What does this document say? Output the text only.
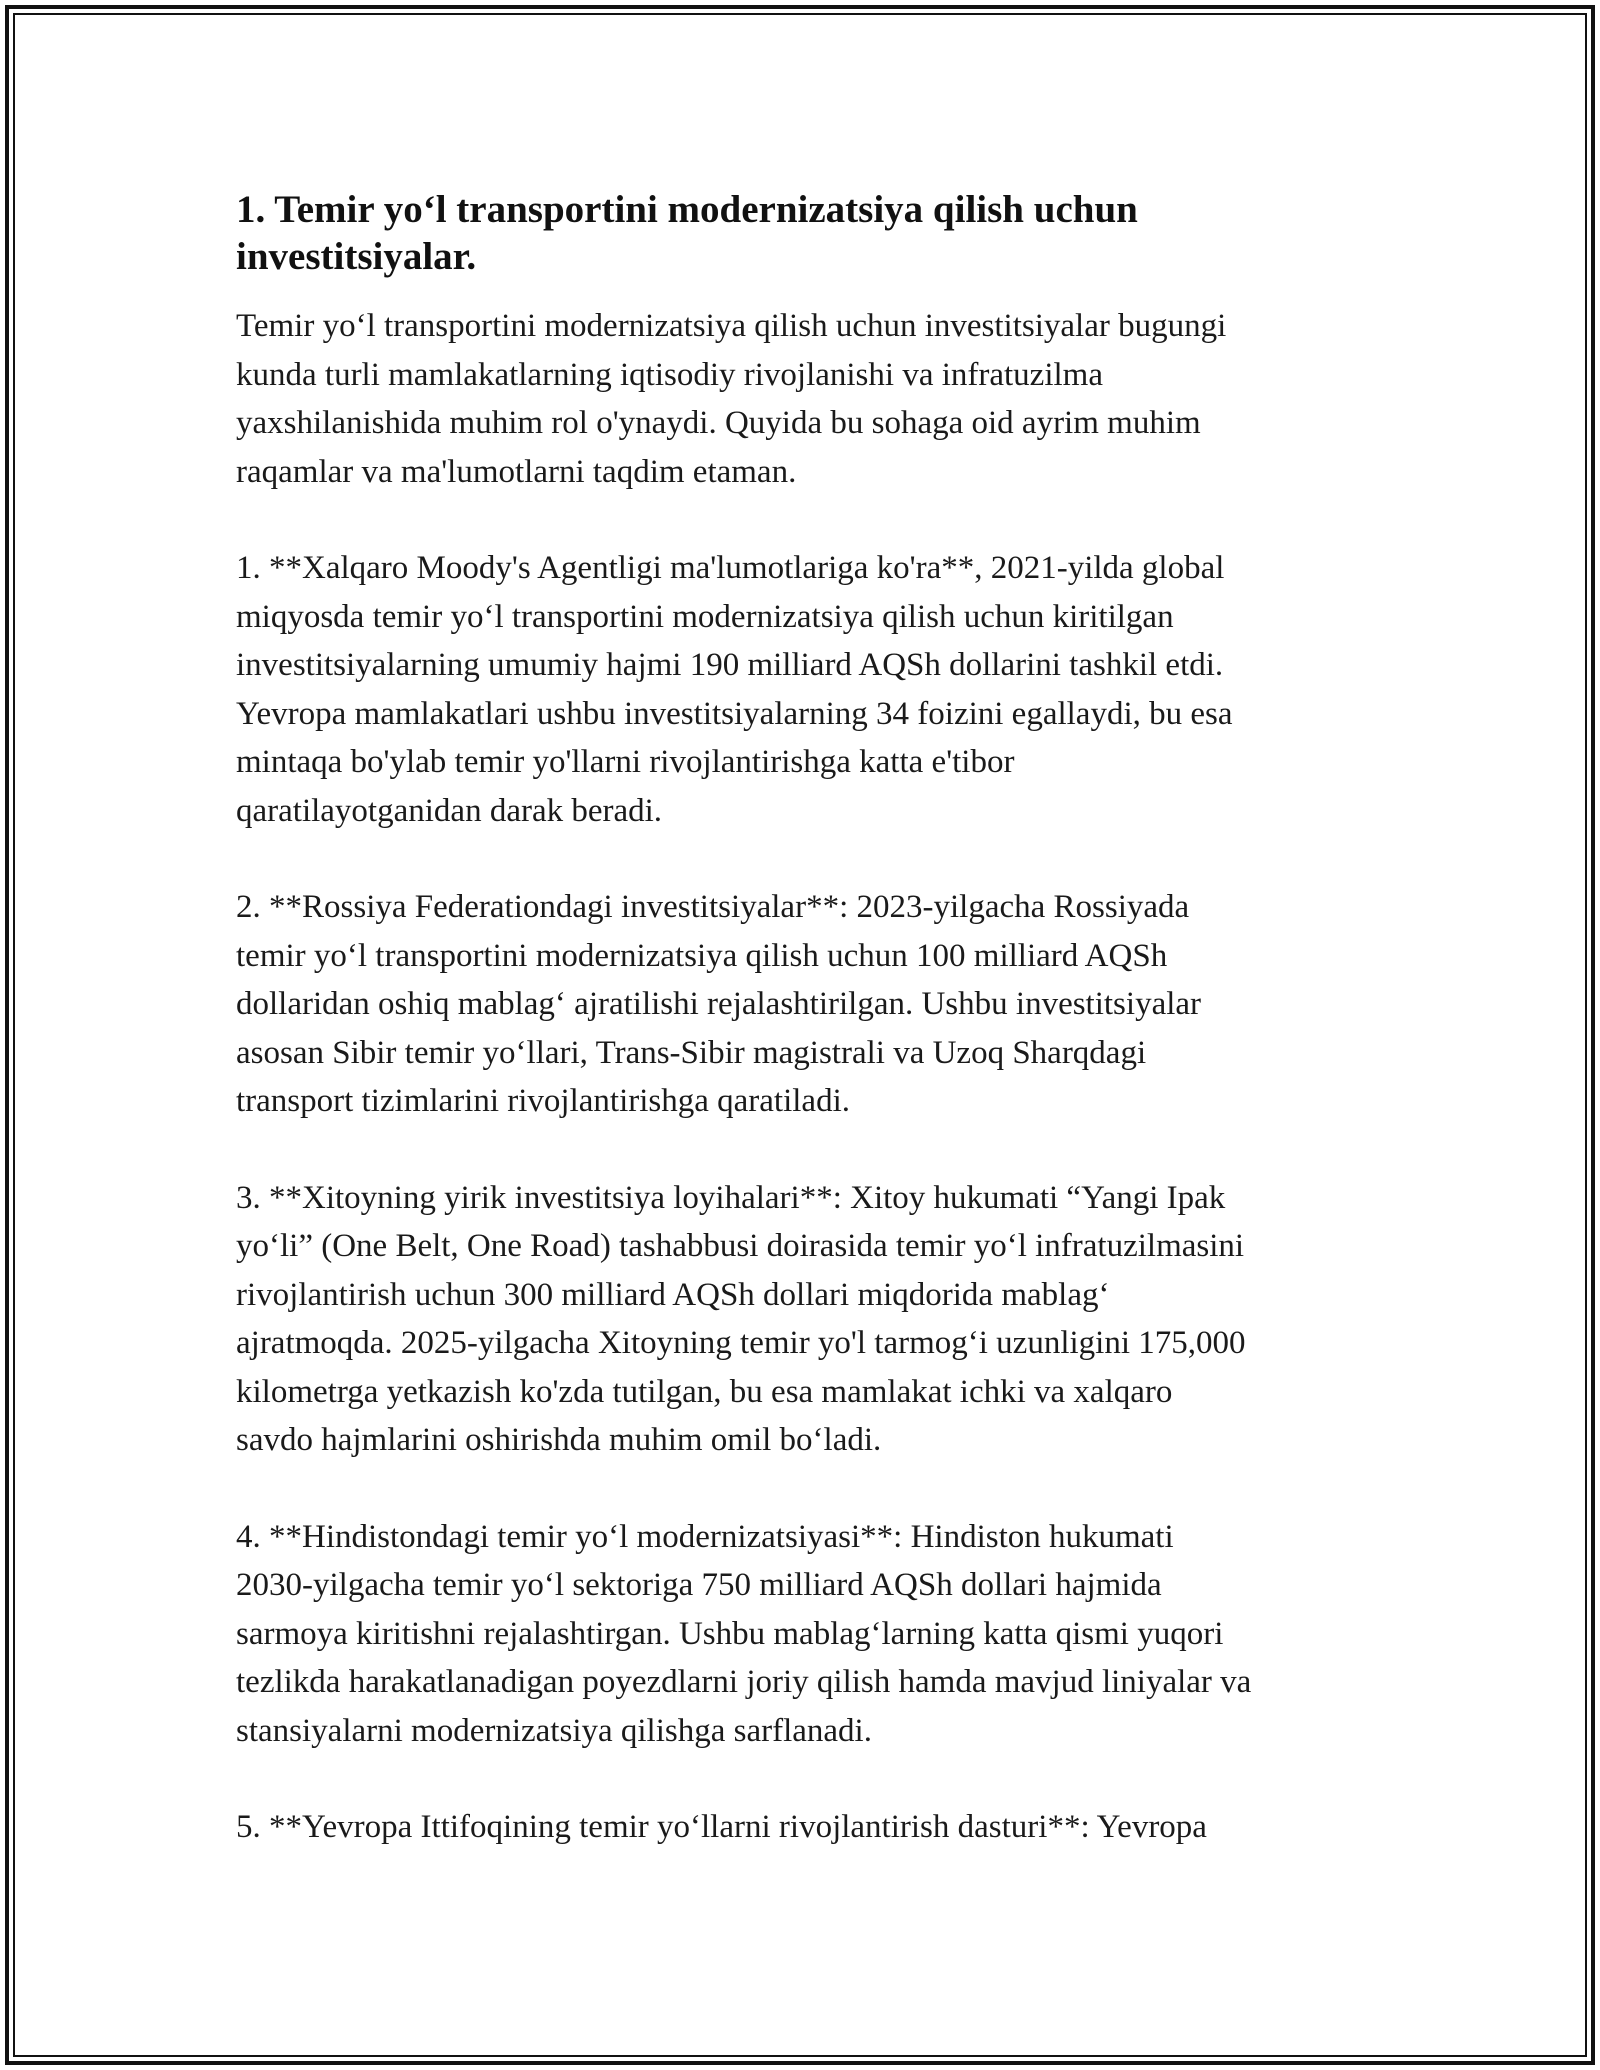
1. Temir yo‘l transportini modernizatsiya qilish uchun investitsiyalar.

Temir yo‘l transportini modernizatsiya qilish uchun investitsiyalar bugungi
kunda turli mamlakatlarning iqtisodiy rivojlanishi va infratuzilma
yaxshilanishida muhim rol o'ynaydi. Quyida bu sohaga oid ayrim muhim
raqamlar va ma'lumotlarni taqdim etaman.

1. **Xalqaro Moody's Agentligi ma'lumotlariga ko'ra**, 2021-yilda global
miqyosda temir yo‘l transportini modernizatsiya qilish uchun kiritilgan
investitsiyalarning umumiy hajmi 190 milliard AQSh dollarini tashkil etdi.
Yevropa mamlakatlari ushbu investitsiyalarning 34 foizini egallaydi, bu esa
mintaqa bo'ylab temir yo'llarni rivojlantirishga katta e'tibor
qaratilayotganidan darak beradi.

2. **Rossiya Federationdagi investitsiyalar**: 2023-yilgacha Rossiyada
temir yo‘l transportini modernizatsiya qilish uchun 100 milliard AQSh
dollaridan oshiq mablag‘ ajratilishi rejalashtirilgan. Ushbu investitsiyalar
asosan Sibir temir yo‘llari, Trans-Sibir magistrali va Uzoq Sharqdagi
transport tizimlarini rivojlantirishga qaratiladi.

3. **Xitoyning yirik investitsiya loyihalari**: Xitoy hukumati “Yangi Ipak
yo‘li” (One Belt, One Road) tashabbusi doirasida temir yo‘l infratuzilmasini
rivojlantirish uchun 300 milliard AQSh dollari miqdorida mablag‘
ajratmoqda. 2025-yilgacha Xitoyning temir yo'l tarmog‘i uzunligini 175,000
kilometrga yetkazish ko'zda tutilgan, bu esa mamlakat ichki va xalqaro
savdo hajmlarini oshirishda muhim omil bo‘ladi.

4. **Hindistondagi temir yo‘l modernizatsiyasi**: Hindiston hukumati
2030-yilgacha temir yo‘l sektoriga 750 milliard AQSh dollari hajmida
sarmoya kiritishni rejalashtirgan. Ushbu mablag‘larning katta qismi yuqori
tezlikda harakatlanadigan poyezdlarni joriy qilish hamda mavjud liniyalar va
stansiyalarni modernizatsiya qilishga sarflanadi.

5. **Yevropa Ittifoqining temir yo‘llarni rivojlantirish dasturi**: Yevropa
